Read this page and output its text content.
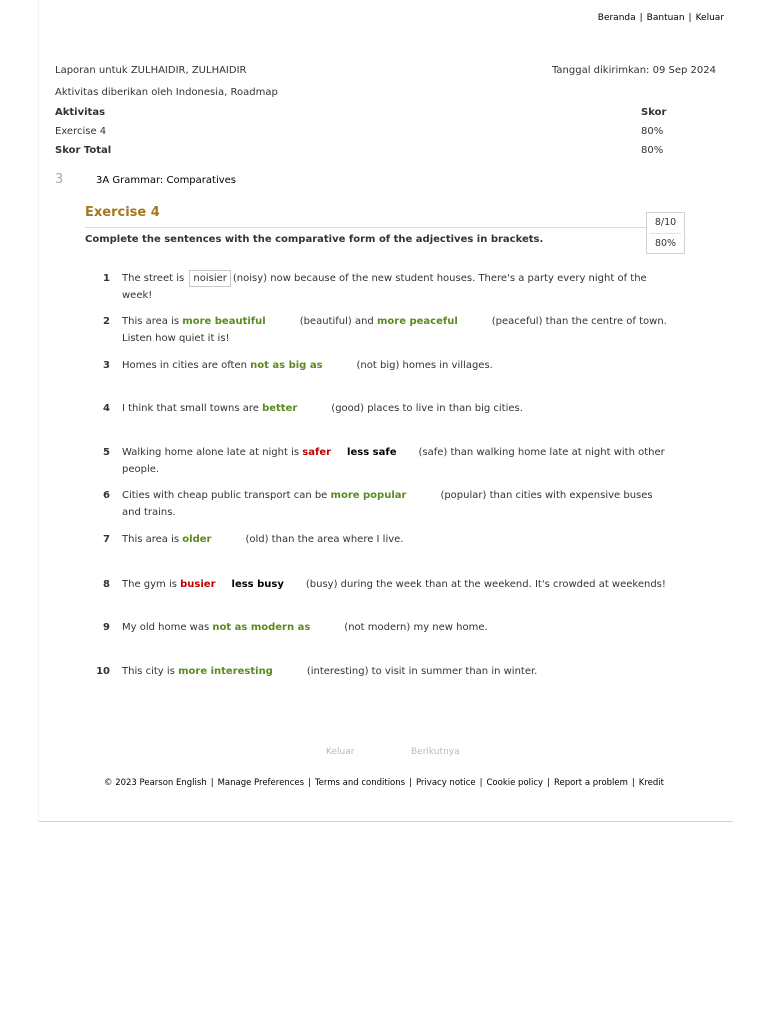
Beranda | Bantuan | Keluar
Laporan untuk ZULHAIDIR, ZULHAIDIR	Tanggal dikirimkan: 09 Sep 2024
Aktivitas diberikan oleh Indonesia, Roadmap
Aktivitas	Skor
Exercise 4	80%
Skor Total	80%
3	3A Grammar: Comparatives
Exercise 4
Complete the sentences with the comparative form of the adjectives in brackets.
8/10
80%
1 The street is noisier (noisy) now because of the new student houses. There's a party every night of the week!
2 This area is more beautiful	(beautiful) and more peaceful	(peaceful) than the centre of town. Listen how quiet it is!
3 Homes in cities are often not as big as	(not big) homes in villages.
4 I think that small towns are better	(good) places to live in than big cities.
5 Walking home alone late at night is safer less safe (safe) than walking home late at night with other people.
6 Cities with cheap public transport can be more popular	(popular) than cities with expensive buses and trains.
7 This area is older	(old) than the area where I live.
8 The gym is busier less busy (busy) during the week than at the weekend. It's crowded at weekends!
9 My old home was not as modern as	(not modern) my new home.
10 This city is more interesting	(interesting) to visit in summer than in winter.
Keluar	Berikutnya
© 2023 Pearson English | Manage Preferences | Terms and conditions | Privacy notice | Cookie policy | Report a problem | Kredit
